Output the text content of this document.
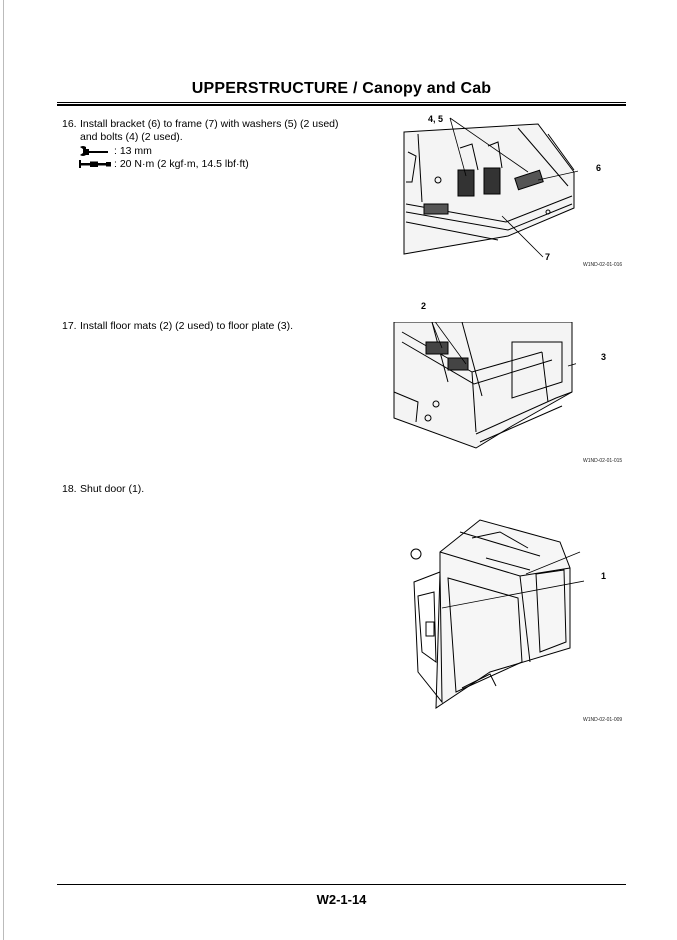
UPPERSTRUCTURE / Canopy and Cab
16. Install bracket (6) to frame (7) with washers (5) (2 used) and bolts (4) (2 used).
: 13 mm
: 20 N·m (2 kgf·m, 14.5 lbf·ft)
4, 5
6
7
W1ND-02-01-016
17. Install floor mats (2) (2 used) to floor plate (3).
2
3
W1ND-02-01-015
18. Shut door (1).
1
W1ND-02-01-009
W2-1-14
